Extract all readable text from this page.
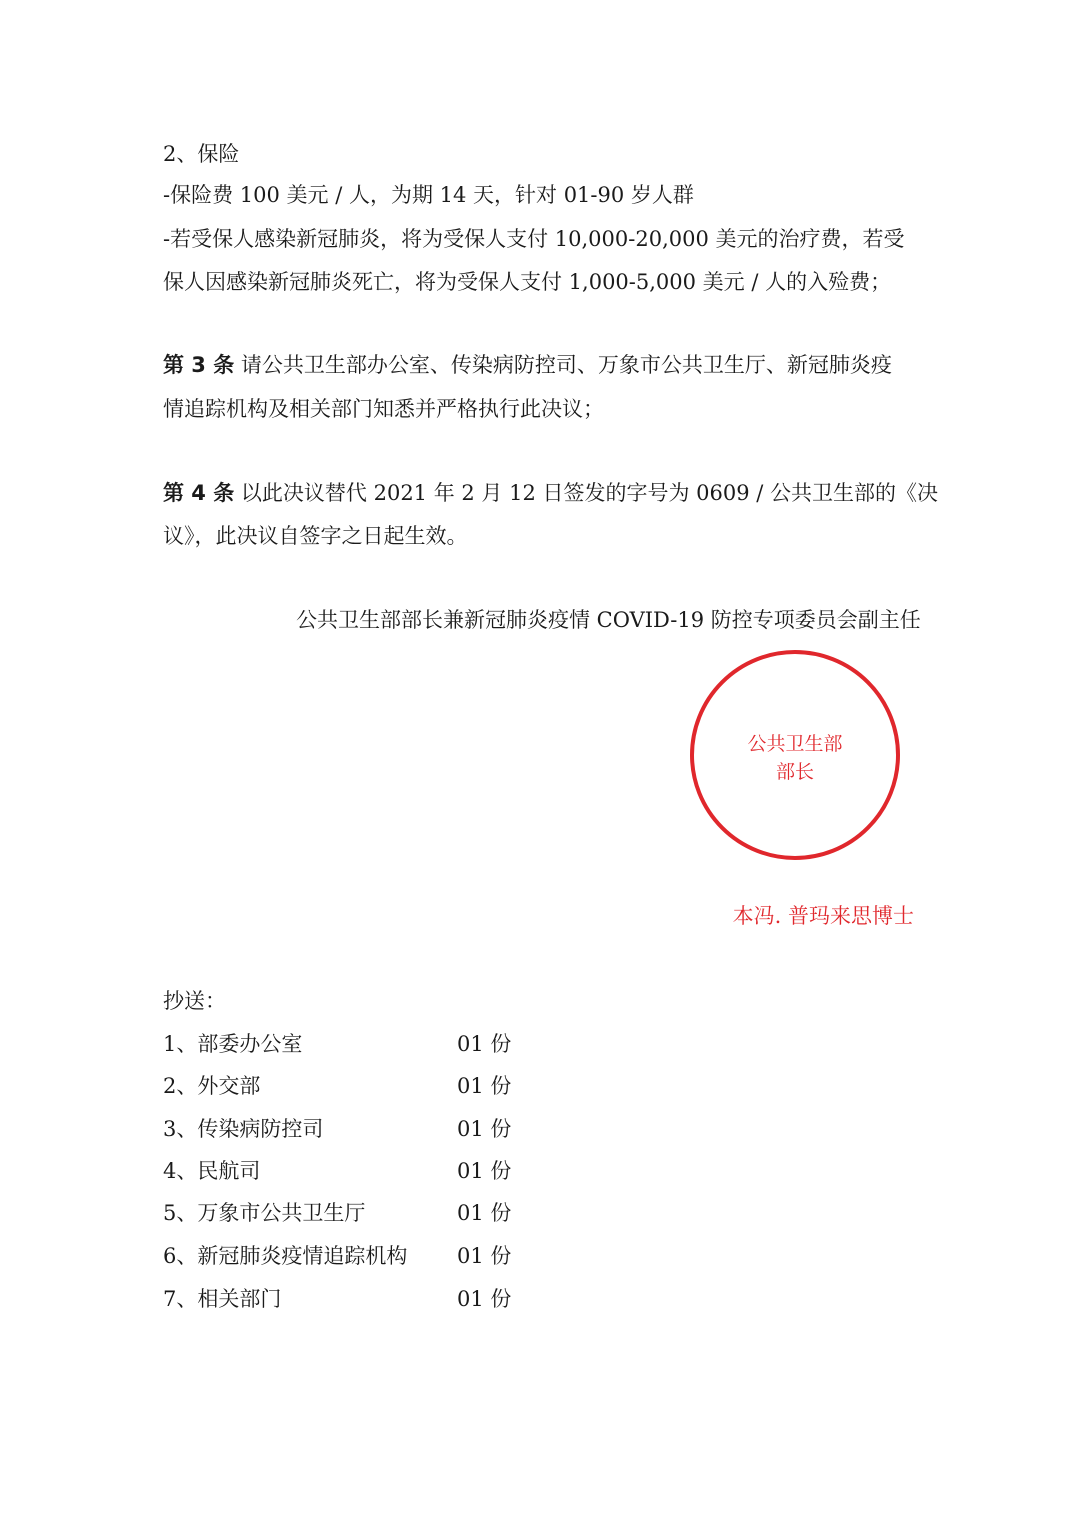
2、保险
-保险费 100 美元 / 人，为期 14 天，针对 01-90 岁人群
-若受保人感染新冠肺炎，将为受保人支付 10,000-20,000 美元的治疗费，若受
保人因感染新冠肺炎死亡，将为受保人支付 1,000-5,000 美元 / 人的入殓费；
第 3 条 请公共卫生部办公室、传染病防控司、万象市公共卫生厅、新冠肺炎疫
情追踪机构及相关部门知悉并严格执行此决议；
第 4 条 以此决议替代 2021 年 2 月 12 日签发的字号为 0609 / 公共卫生部的《决
议》，此决议自签字之日起生效。
公共卫生部部长兼新冠肺炎疫情 COVID-19 防控专项委员会副主任
公共卫生部
部长
本冯. 普玛来思博士
抄送：
1、部委办公室	01 份
2、外交部	01 份
3、传染病防控司	01 份
4、民航司	01 份
5、万象市公共卫生厅	01 份
6、新冠肺炎疫情追踪机构 01 份
7、相关部门	01 份
